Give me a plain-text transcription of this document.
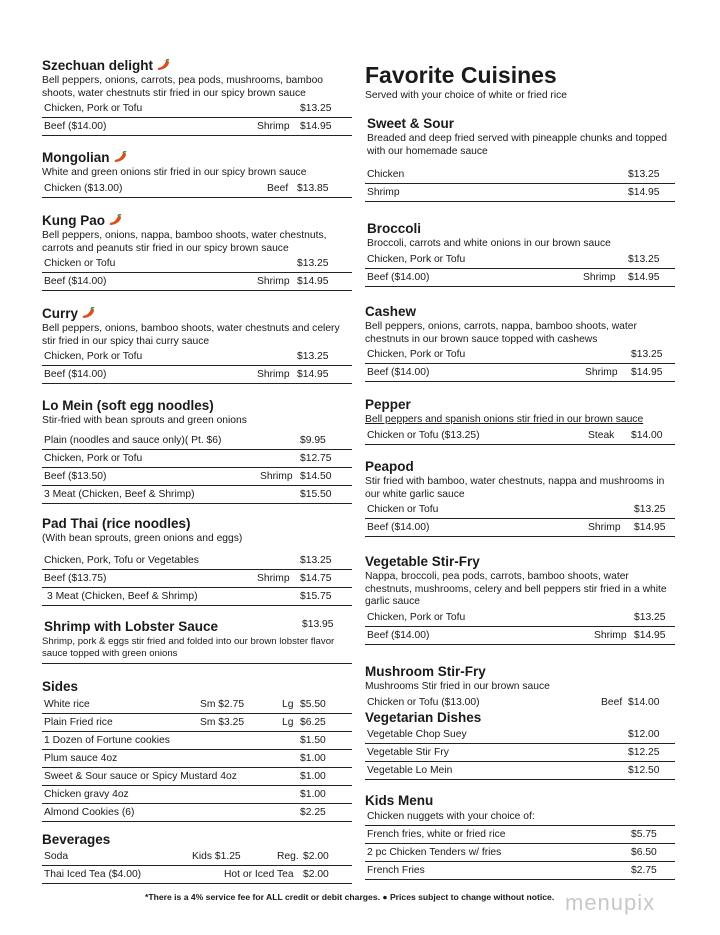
Szechuan delight
Bell peppers, onions, carrots, pea pods, mushrooms, bamboo shoots, water chestnuts stir fried in our spicy brown sauce
Chicken, Pork or Tofu	$13.25
Beef ($14.00)	Shrimp $14.95
Mongolian
White and green onions stir fried in our spicy brown sauce
Chicken ($13.00)	Beef $13.85
Kung Pao
Bell peppers, onions, nappa, bamboo shoots, water chestnuts, carrots and peanuts stir fried in our spicy brown sauce
Chicken or Tofu	$13.25
Beef ($14.00)	Shrimp $14.95
Curry
Bell peppers, onions, bamboo shoots, water chestnuts and celery stir fried in our spicy thai curry sauce
Chicken, Pork or Tofu	$13.25
Beef ($14.00)	Shrimp $14.95
Lo Mein (soft egg noodles)
Stir-fried with bean sprouts and green onions
Plain (noodles and sauce only)( Pt. $6)	$9.95
Chicken, Pork or Tofu	$12.75
Beef ($13.50)	Shrimp $14.50
3 Meat (Chicken, Beef & Shrimp)	$15.50
Pad Thai (rice noodles)
(With bean sprouts, green onions and eggs)
Chicken, Pork, Tofu or Vegetables	$13.25
Beef ($13.75)	Shrimp $14.75
3 Meat (Chicken, Beef & Shrimp)	$15.75
Shrimp with Lobster Sauce	$13.95
Shrimp, pork & eggs stir fried and folded into our brown lobster flavor sauce topped with green onions
Sides
White rice	Sm $2.75	Lg $5.50
Plain Fried rice	Sm $3.25	Lg $6.25
1 Dozen of Fortune cookies	$1.50
Plum sauce 4oz	$1.00
Sweet & Sour sauce or Spicy Mustard 4oz	$1.00
Chicken gravy 4oz	$1.00
Almond Cookies (6)	$2.25
Beverages
Soda	Kids $1.25	Reg. $2.00
Thai Iced Tea ($4.00)	Hot or Iced Tea $2.00
Favorite Cuisines
Served with your choice of white or fried rice
Sweet & Sour
Breaded and deep fried served with pineapple chunks and topped with our homemade sauce
Chicken	$13.25
Shrimp	$14.95
Broccoli
Broccoli, carrots and white onions in our brown sauce
Chicken, Pork or Tofu	$13.25
Beef ($14.00)	Shrimp $14.95
Cashew
Bell peppers, onions, carrots, nappa, bamboo shoots, water chestnuts in our brown sauce topped with cashews
Chicken, Pork or Tofu	$13.25
Beef ($14.00)	Shrimp $14.95
Pepper
Bell peppers and spanish onions stir fried in our brown sauce
Chicken or Tofu ($13.25)	Steak $14.00
Peapod
Stir fried with bamboo, water chestnuts, nappa and mushrooms in our white garlic sauce
Chicken or Tofu	$13.25
Beef ($14.00)	Shrimp $14.95
Vegetable Stir-Fry
Nappa, broccoli, pea pods, carrots, bamboo shoots, water chestnuts, mushrooms, celery and bell peppers stir fried in a white garlic sauce
Chicken, Pork or Tofu	$13.25
Beef ($14.00)	Shrimp $14.95
Mushroom Stir-Fry
Mushrooms Stir fried in our brown sauce
Chicken or Tofu ($13.00)	Beef $14.00
Vegetarian Dishes
Vegetable Chop Suey	$12.00
Vegetable Stir Fry	$12.25
Vegetable Lo Mein	$12.50
Kids Menu
Chicken nuggets with your choice of:
French fries, white or fried rice	$5.75
2 pc Chicken Tenders w/ fries	$6.50
French Fries	$2.75
*There is a 4% service fee for ALL credit or debit charges. ● Prices subject to change without notice. menupix
